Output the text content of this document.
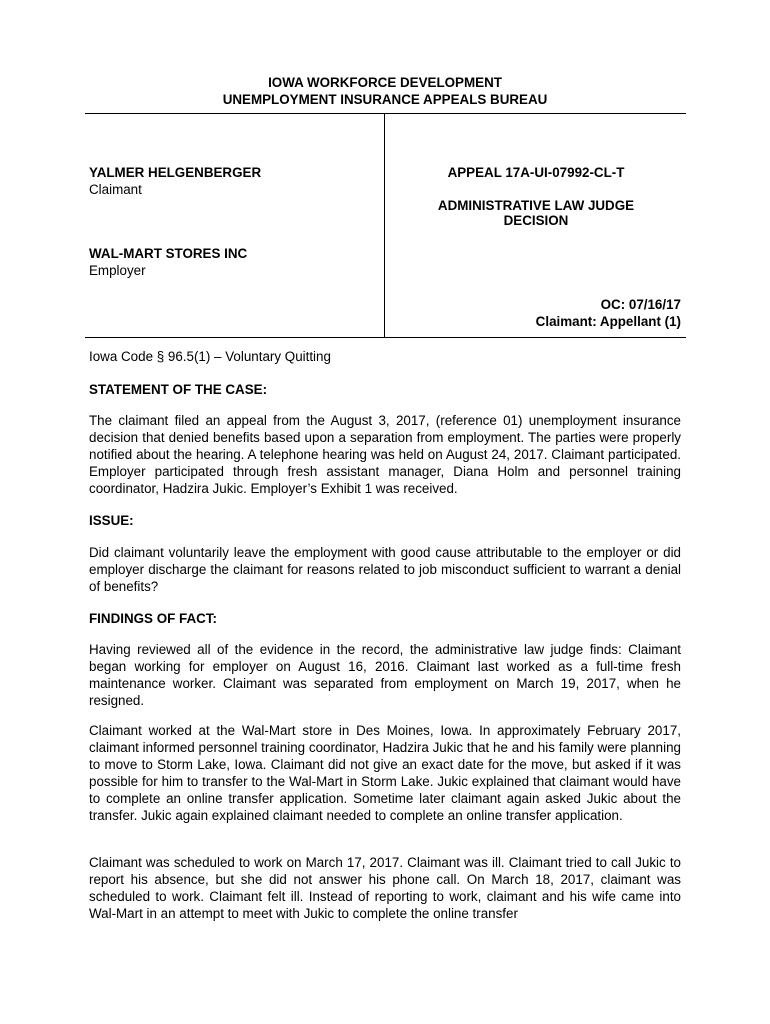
IOWA WORKFORCE DEVELOPMENT
UNEMPLOYMENT INSURANCE APPEALS BUREAU
YALMER HELGENBERGER
Claimant
WAL-MART STORES INC
Employer
APPEAL 17A-UI-07992-CL-T
ADMINISTRATIVE LAW JUDGE
DECISION
OC: 07/16/17
Claimant: Appellant (1)
Iowa Code § 96.5(1) – Voluntary Quitting
STATEMENT OF THE CASE:

The claimant filed an appeal from the August 3, 2017, (reference 01) unemployment insurance decision that denied benefits based upon a separation from employment. The parties were properly notified about the hearing. A telephone hearing was held on August 24, 2017. Claimant participated. Employer participated through fresh assistant manager, Diana Holm and personnel training coordinator, Hadzira Jukic. Employer’s Exhibit 1 was received.

ISSUE:

Did claimant voluntarily leave the employment with good cause attributable to the employer or did employer discharge the claimant for reasons related to job misconduct sufficient to warrant a denial of benefits?

FINDINGS OF FACT:

Having reviewed all of the evidence in the record, the administrative law judge finds: Claimant began working for employer on August 16, 2016. Claimant last worked as a full-time fresh maintenance worker. Claimant was separated from employment on March 19, 2017, when he resigned.

Claimant worked at the Wal-Mart store in Des Moines, Iowa. In approximately February 2017, claimant informed personnel training coordinator, Hadzira Jukic that he and his family were planning to move to Storm Lake, Iowa. Claimant did not give an exact date for the move, but asked if it was possible for him to transfer to the Wal-Mart in Storm Lake. Jukic explained that claimant would have to complete an online transfer application. Sometime later claimant again asked Jukic about the transfer. Jukic again explained claimant needed to complete an online transfer application.

Claimant was scheduled to work on March 17, 2017. Claimant was ill. Claimant tried to call Jukic to report his absence, but she did not answer his phone call. On March 18, 2017, claimant was scheduled to work. Claimant felt ill. Instead of reporting to work, claimant and his wife came into Wal-Mart in an attempt to meet with Jukic to complete the online transfer
